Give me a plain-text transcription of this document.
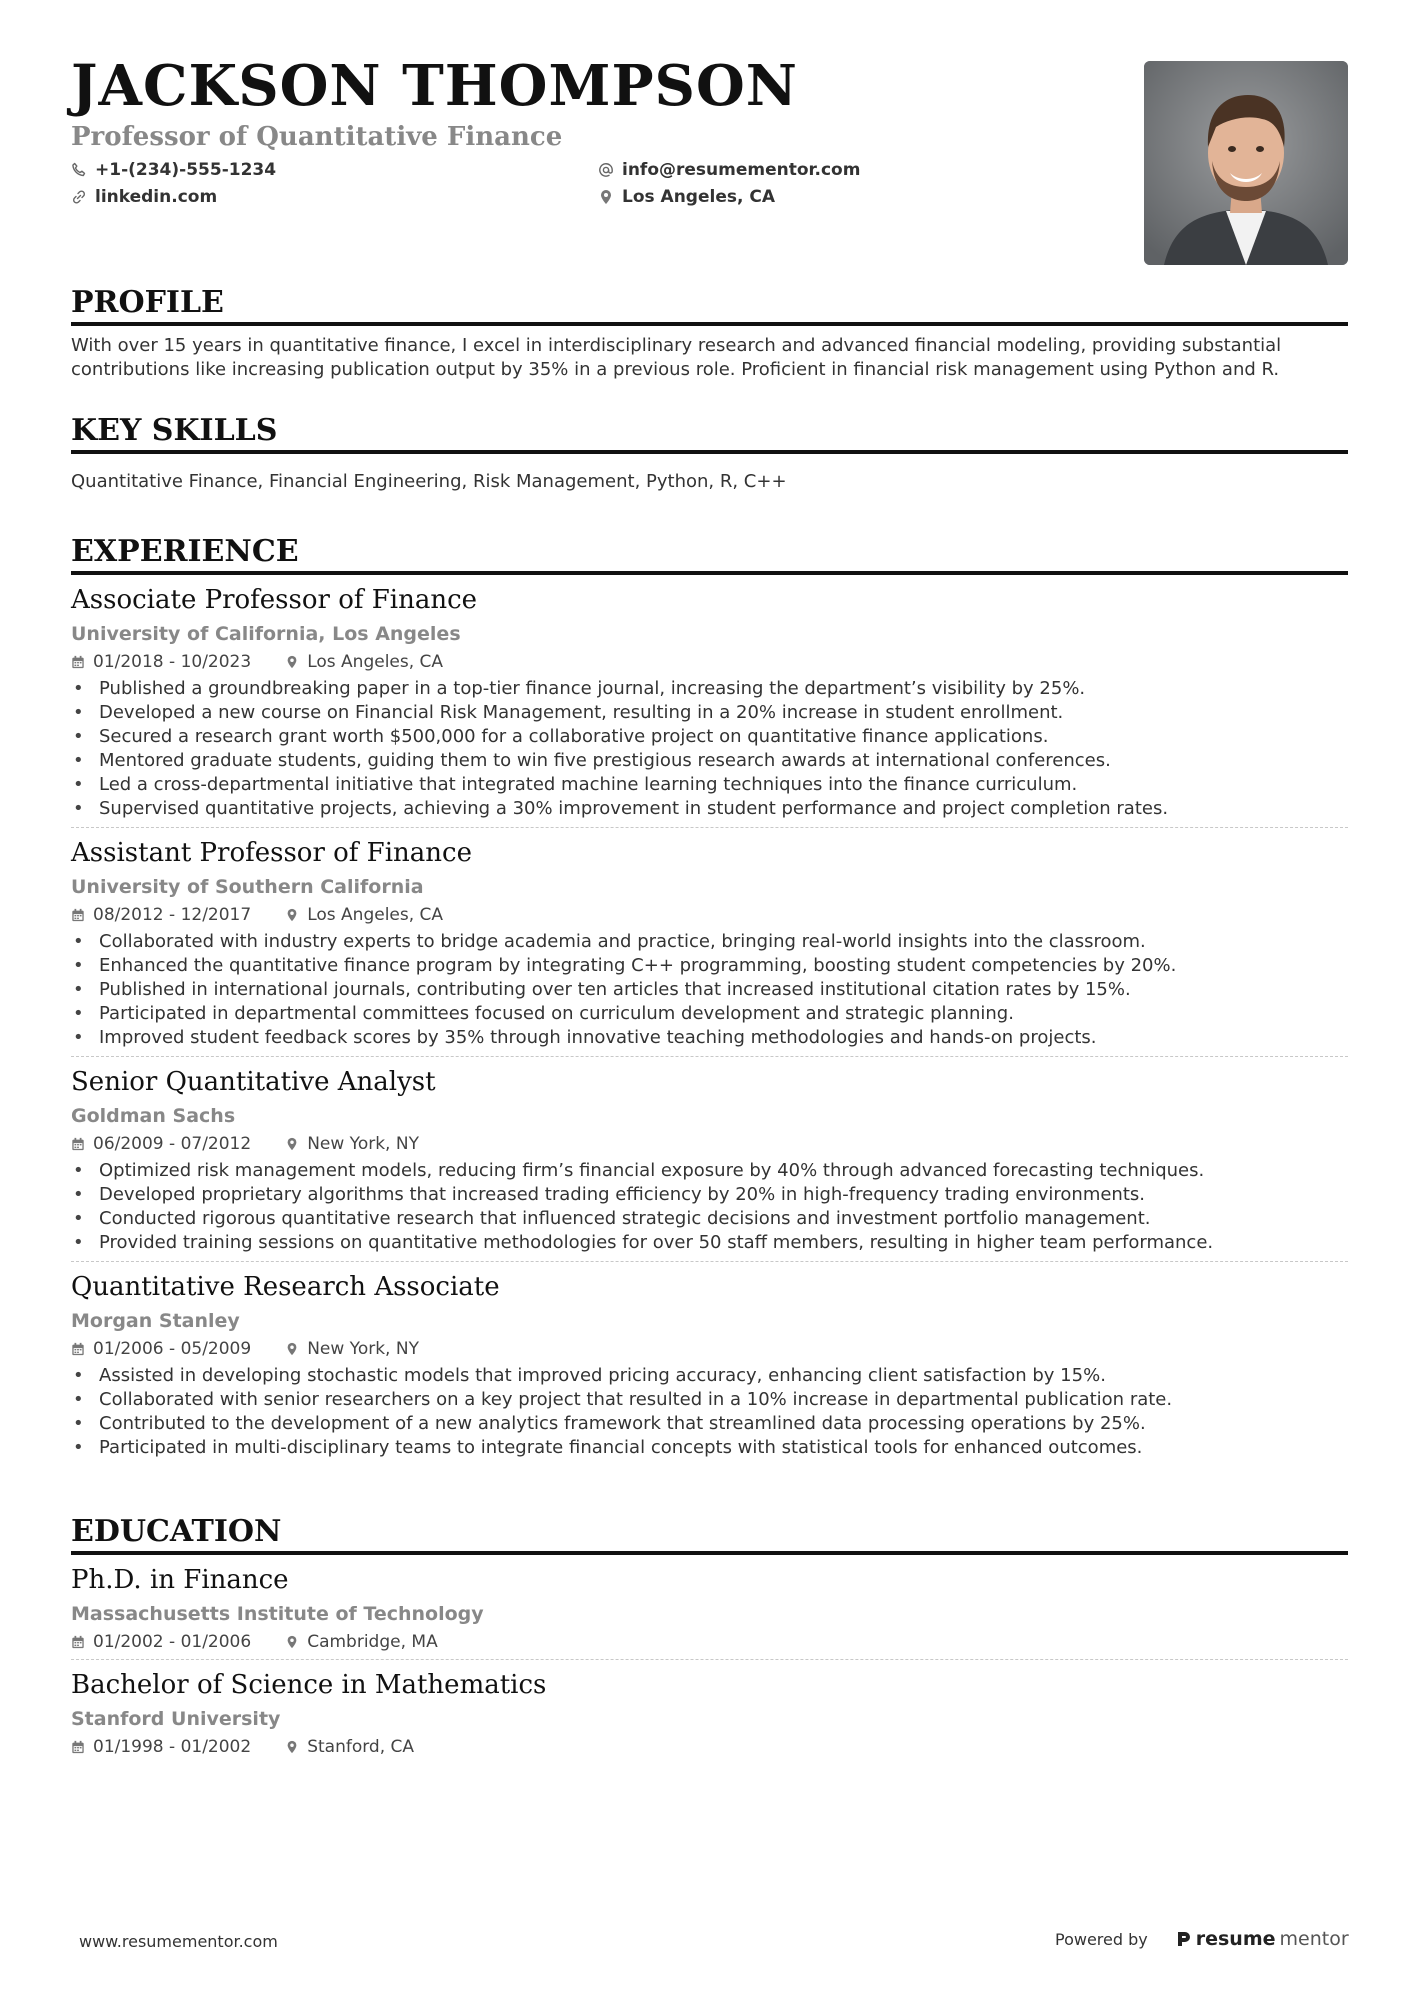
JACKSON THOMPSON
Professor of Quantitative Finance
+1-(234)-555-1234	info@resumementor.com
linkedin.com	Los Angeles, CA
PROFILE

With over 15 years in quantitative finance, I excel in interdisciplinary research and advanced financial modeling, providing substantial contributions like increasing publication output by 35% in a previous role. Proficient in financial risk management using Python and R.

KEY SKILLS

Quantitative Finance, Financial Engineering, Risk Management, Python, R, C++

EXPERIENCE

Associate Professor of Finance

University of California, Los Angeles

01/2018 - 10/2023	Los Angeles, CA
• Published a groundbreaking paper in a top-tier finance journal, increasing the department’s visibility by 25%.
• Developed a new course on Financial Risk Management, resulting in a 20% increase in student enrollment.
• Secured a research grant worth $500,000 for a collaborative project on quantitative finance applications.
• Mentored graduate students, guiding them to win five prestigious research awards at international conferences.
• Led a cross-departmental initiative that integrated machine learning techniques into the finance curriculum.
• Supervised quantitative projects, achieving a 30% improvement in student performance and project completion rates.

Assistant Professor of Finance

University of Southern California

08/2012 - 12/2017	Los Angeles, CA
• Collaborated with industry experts to bridge academia and practice, bringing real-world insights into the classroom.
• Enhanced the quantitative finance program by integrating C++ programming, boosting student competencies by 20%.
• Published in international journals, contributing over ten articles that increased institutional citation rates by 15%.
• Participated in departmental committees focused on curriculum development and strategic planning.
• Improved student feedback scores by 35% through innovative teaching methodologies and hands-on projects.

Senior Quantitative Analyst

Goldman Sachs

06/2009 - 07/2012	New York, NY
• Optimized risk management models, reducing firm’s financial exposure by 40% through advanced forecasting techniques.
• Developed proprietary algorithms that increased trading efficiency by 20% in high-frequency trading environments.
• Conducted rigorous quantitative research that influenced strategic decisions and investment portfolio management.
• Provided training sessions on quantitative methodologies for over 50 staff members, resulting in higher team performance.

Quantitative Research Associate

Morgan Stanley

01/2006 - 05/2009	New York, NY
• Assisted in developing stochastic models that improved pricing accuracy, enhancing client satisfaction by 15%.
• Collaborated with senior researchers on a key project that resulted in a 10% increase in departmental publication rate.
• Contributed to the development of a new analytics framework that streamlined data processing operations by 25%.
• Participated in multi-disciplinary teams to integrate financial concepts with statistical tools for enhanced outcomes.
EDUCATION

Ph.D. in Finance

Massachusetts Institute of Technology

01/2002 - 01/2006	Cambridge, MA

Bachelor of Science in Mathematics

Stanford University

01/1998 - 01/2002	Stanford, CA
www.resumementor.com	Powered by	resume mentor
